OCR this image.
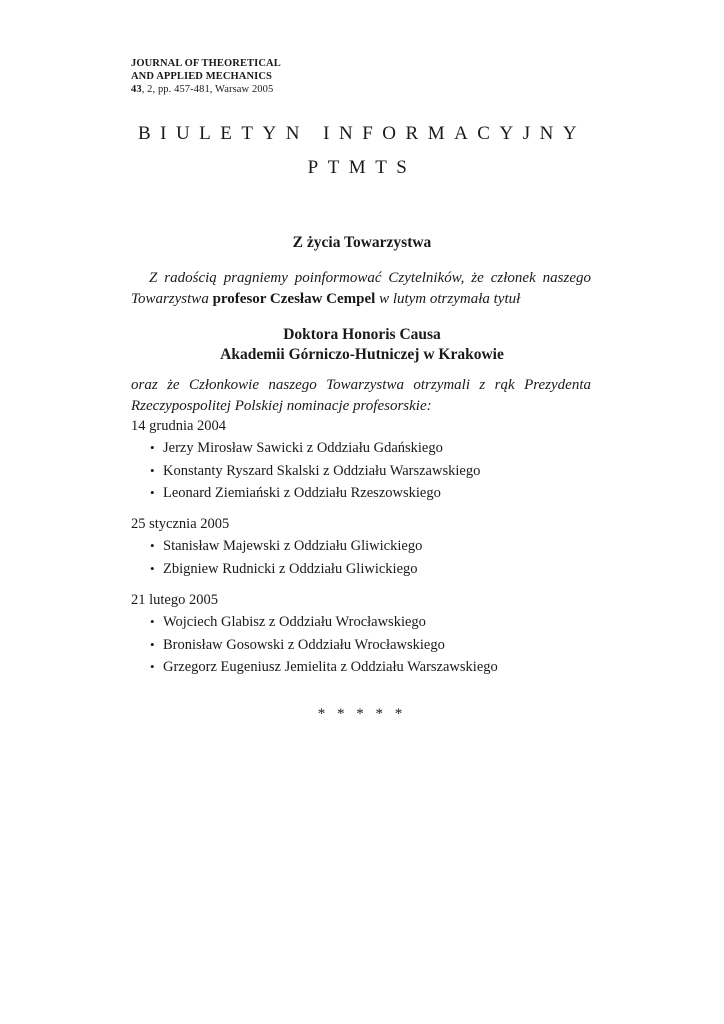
JOURNAL OF THEORETICAL
AND APPLIED MECHANICS
43, 2, pp. 457-481, Warsaw 2005
BIULETYN INFORMACYJNY
PTMTS
Z życia Towarzystwa
Z radością pragniemy poinformować Czytelników, że członek naszego Towarzystwa profesor Czesław Cempel w lutym otrzymała tytuł
Doktora Honoris Causa
Akademii Górniczo-Hutniczej w Krakowie
oraz że Członkowie naszego Towarzystwa otrzymali z rąk Prezydenta Rzeczypospolitej Polskiej nominacje profesorskie:
14 grudnia 2004
• Jerzy Mirosław Sawicki z Oddziału Gdańskiego
• Konstanty Ryszard Skalski z Oddziału Warszawskiego
• Leonard Ziemiański z Oddziału Rzeszowskiego
25 stycznia 2005
• Stanisław Majewski z Oddziału Gliwickiego
• Zbigniew Rudnicki z Oddziału Gliwickiego
21 lutego 2005
• Wojciech Glabisz z Oddziału Wrocławskiego
• Bronisław Gosowski z Oddziału Wrocławskiego
• Grzegorz Eugeniusz Jemielita z Oddziału Warszawskiego
* * * * *
